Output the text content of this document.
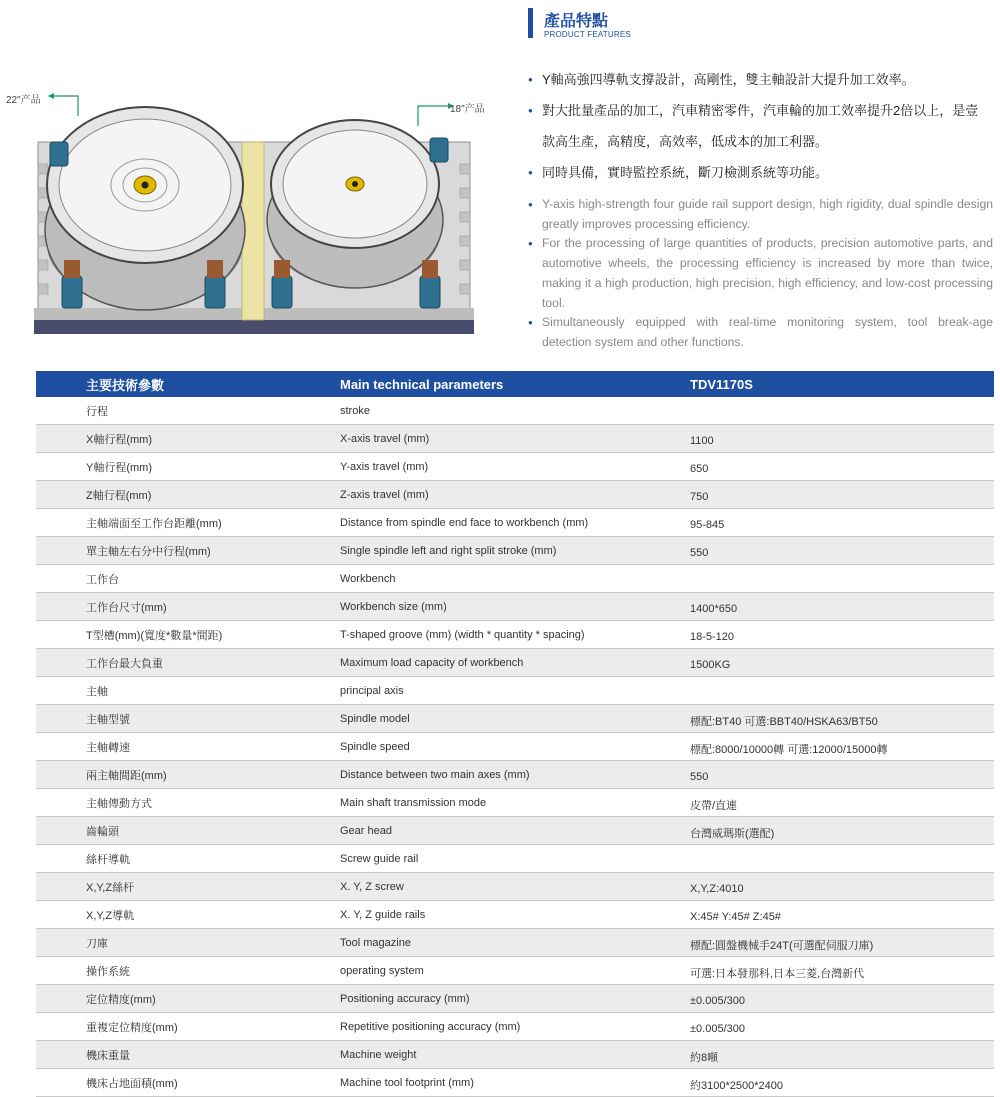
產品特點
PRODUCT FEATURES
● Y軸高強四導軌支撐設計，高剛性，雙主軸設計大提升加工效率。
● 對大批量產品的加工，汽車精密零件，汽車輪的加工效率提升2倍以上，是壹款高生產，高精度，高效率，低成本的加工利器。
● 同時具備，實時監控系統，斷刀檢測系統等功能。
● Y-axis high-strength four guide rail support design, high rigidity, dual spindle design greatly improves processing efficiency.
● For the processing of large quantities of products, precision automotive parts, and automotive wheels, the processing efficiency is increased by more than twice, making it a high production, high precision, high efficiency, and low-cost processing tool.
● Simultaneously equipped with real-time monitoring system, tool break-age detection system and other functions.
22"产品
18"产品
主要技術參數	Main technical parameters	TDV1170S
行程	stroke	
X軸行程(mm)	X-axis travel (mm)	1100
Y軸行程(mm)	Y-axis travel (mm)	650
Z軸行程(mm)	Z-axis travel (mm)	750
主軸端面至工作台距離(mm)	Distance from spindle end face to workbench (mm)	95-845
單主軸左右分中行程(mm)	Single spindle left and right split stroke (mm)	550
工作台	Workbench	
工作台尺寸(mm)	Workbench size (mm)	1400*650
T型槽(mm)(寬度*數量*間距)	T-shaped groove (mm) (width * quantity * spacing)	18-5-120
工作台最大負重	Maximum load capacity of workbench	1500KG
主軸	principal axis	
主軸型號	Spindle model	標配:BT40 可選:BBT40/HSKA63/BT50
主軸轉速	Spindle speed	標配:8000/10000轉 可選:12000/15000轉
兩主軸間距(mm)	Distance between two main axes (mm)	550
主軸傳動方式	Main shaft transmission mode	皮帶/直連
齒輪頭	Gear head	台灣威瑪斯(選配)
絲杆導軌	Screw guide rail	
X,Y,Z絲杆	X. Y, Z screw	X,Y,Z:4010
X,Y,Z導軌	X. Y, Z guide rails	X:45# Y:45# Z:45#
刀庫	Tool magazine	標配:圓盤機械手24T(可選配伺服刀庫)
操作系統	operating system	可選:日本發那科,日本三菱,台灣新代
定位精度(mm)	Positioning accuracy (mm)	±0.005/300
重複定位精度(mm)	Repetitive positioning accuracy (mm)	±0.005/300
機床重量	Machine weight	約8噸
機床占地面積(mm)	Machine tool footprint (mm)	約3100*2500*2400
